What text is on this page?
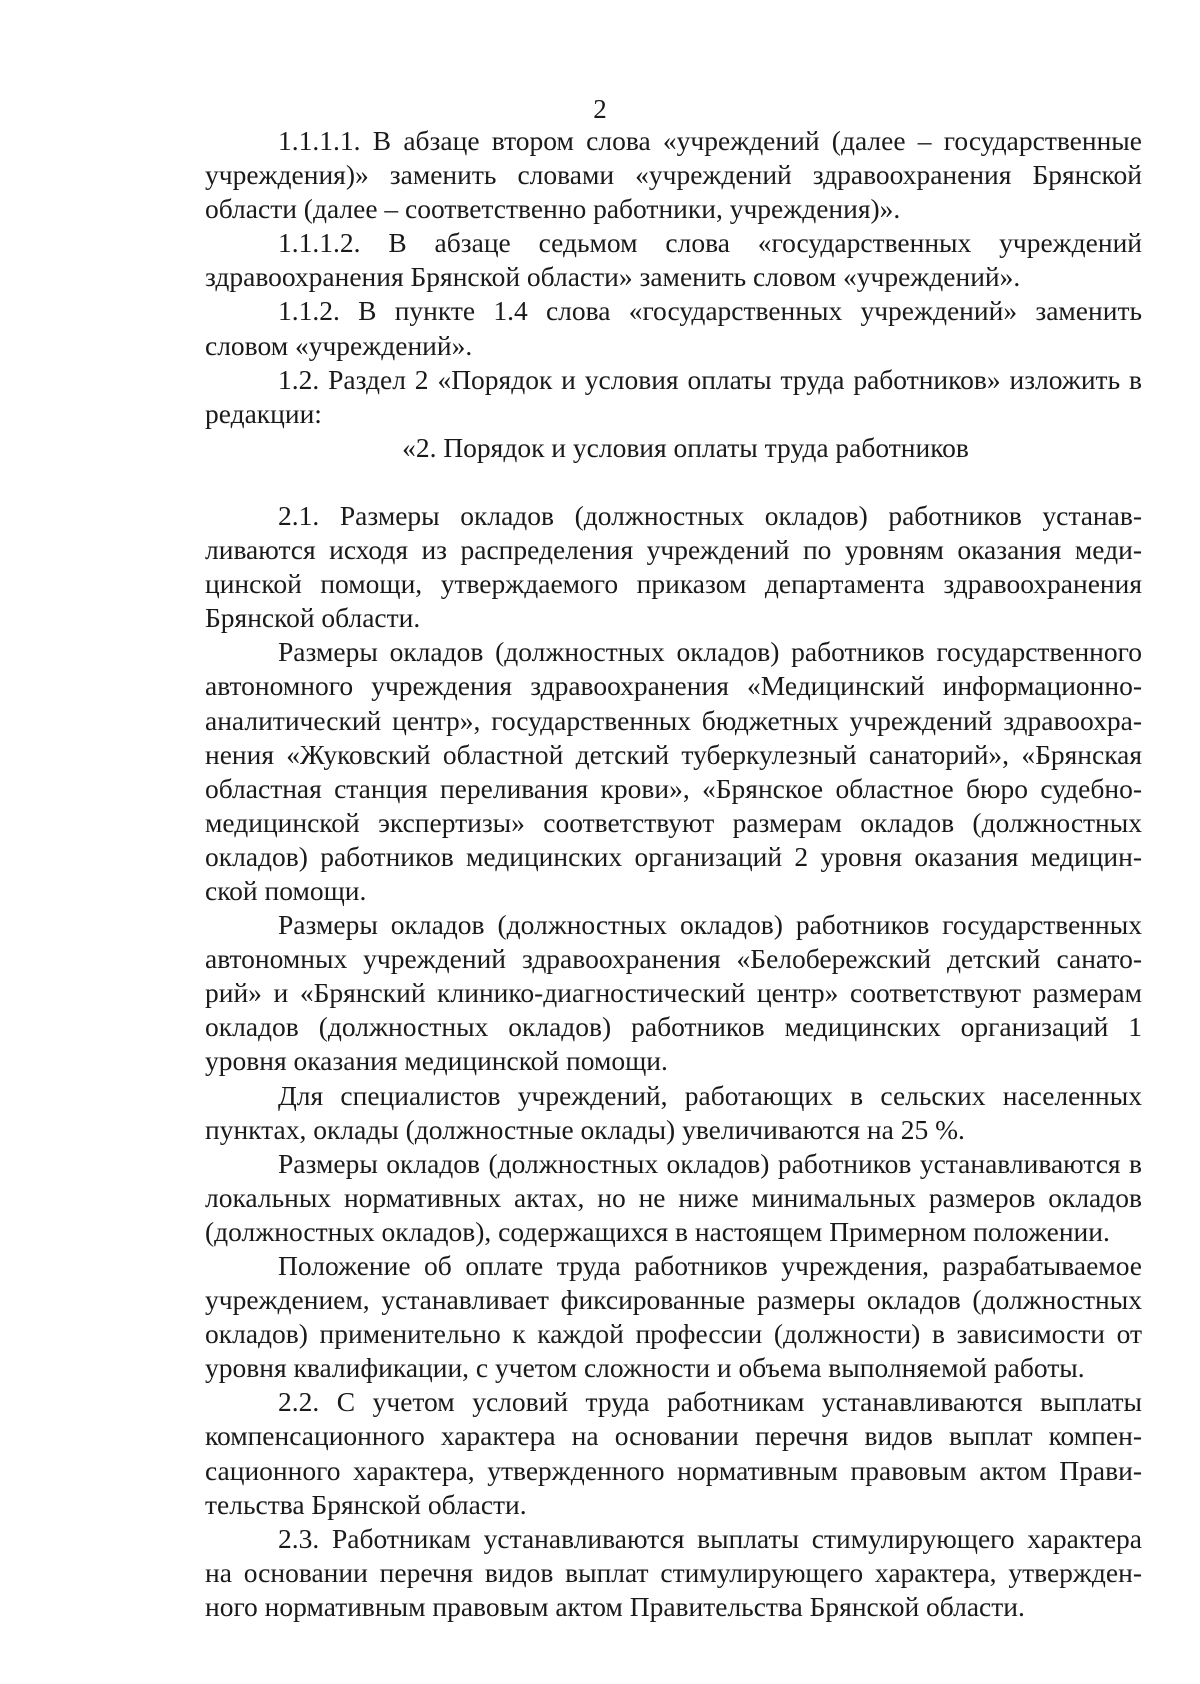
2

1.1.1.1. В абзаце втором слова «учреждений (далее – государственные учреждения)» заменить словами «учреждений здравоохранения Брянской области (далее – соответственно работники, учреждения)».

1.1.1.2. В абзаце седьмом слова «государственных учреждений здравоохранения Брянской области» заменить словом «учреждений».

1.1.2. В пункте 1.4 слова «государственных учреждений» заменить словом «учреждений».

1.2. Раздел 2 «Порядок и условия оплаты труда работников» изложить в редакции:

«2. Порядок и условия оплаты труда работников

2.1. Размеры окладов (должностных окладов) работников устанавливаются исходя из распределения учреждений по уровням оказания медицинской помощи, утверждаемого приказом департамента здравоохранения Брянской области.

Размеры окладов (должностных окладов) работников государственного автономного учреждения здравоохранения «Медицинский информационно-аналитический центр», государственных бюджетных учреждений здравоохранения «Жуковский областной детский туберкулезный санаторий», «Брянская областная станция переливания крови», «Брянское областное бюро судебно-медицинской экспертизы» соответствуют размерам окладов (должностных окладов) работников медицинских организаций 2 уровня оказания медицинской помощи.

Размеры окладов (должностных окладов) работников государственных автономных учреждений здравоохранения «Белобережский детский санаторий» и «Брянский клинико-диагностический центр» соответствуют размерам окладов (должностных окладов) работников медицинских организаций 1 уровня оказания медицинской помощи.

Для специалистов учреждений, работающих в сельских населенных пунктах, оклады (должностные оклады) увеличиваются на 25 %.

Размеры окладов (должностных окладов) работников устанавливаются в локальных нормативных актах, но не ниже минимальных размеров окладов (должностных окладов), содержащихся в настоящем Примерном положении.

Положение об оплате труда работников учреждения, разрабатываемое учреждением, устанавливает фиксированные размеры окладов (должностных окладов) применительно к каждой профессии (должности) в зависимости от уровня квалификации, с учетом сложности и объема выполняемой работы.

2.2. С учетом условий труда работникам устанавливаются выплаты компенсационного характера на основании перечня видов выплат компенсационного характера, утвержденного нормативным правовым актом Правительства Брянской области.

2.3. Работникам устанавливаются выплаты стимулирующего характера на основании перечня видов выплат стимулирующего характера, утвержденного нормативным правовым актом Правительства Брянской области.
